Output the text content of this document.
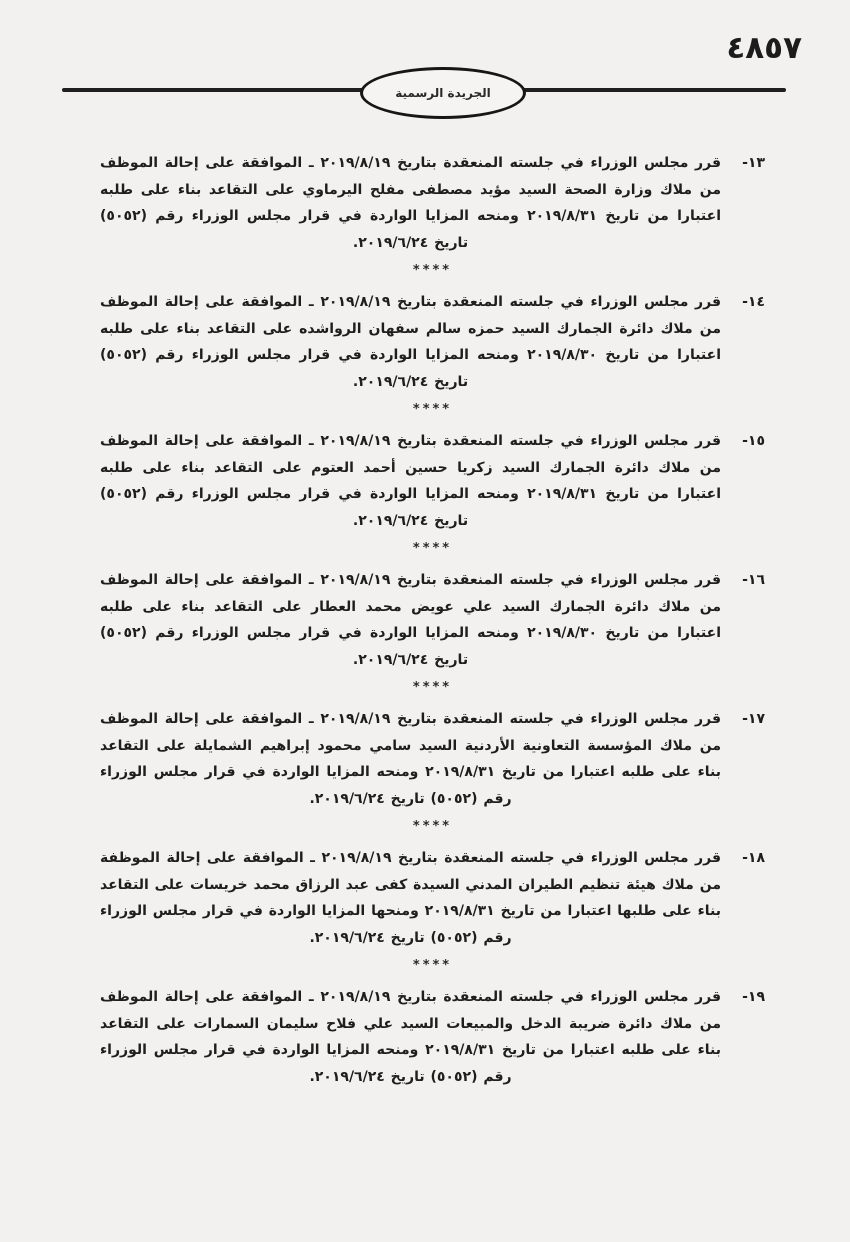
٤٨٥٧
الجريدة الرسمية
١٣-
قرر مجلس الوزراء في جلسته المنعقدة بتاريخ ٢٠١٩/٨/١٩ ـ الموافقة على إحالة الموظف من ملاك وزارة الصحة السيد مؤيد مصطفى مفلح اليرماوي على التقاعد بناء على طلبه اعتبارا من تاريخ ٢٠١٩/٨/٣١ ومنحه المزايا الواردة في قرار مجلس الوزراء رقم (٥٠٥٢) تاريخ ٢٠١٩/٦/٢٤.
****
١٤-
قرر مجلس الوزراء في جلسته المنعقدة بتاريخ ٢٠١٩/٨/١٩ ـ الموافقة على إحالة الموظف من ملاك دائرة الجمارك السيد حمزه سالم سفهان الرواشده على التقاعد بناء على طلبه اعتبارا من تاريخ ٢٠١٩/٨/٣٠ ومنحه المزايا الواردة في قرار مجلس الوزراء رقم (٥٠٥٢) تاريخ ٢٠١٩/٦/٢٤.
****
١٥-
قرر مجلس الوزراء في جلسته المنعقدة بتاريخ ٢٠١٩/٨/١٩ ـ الموافقة على إحالة الموظف من ملاك دائرة الجمارك السيد زكريا حسين أحمد العتوم على التقاعد بناء على طلبه اعتبارا من تاريخ ٢٠١٩/٨/٣١ ومنحه المزايا الواردة في قرار مجلس الوزراء رقم (٥٠٥٢) تاريخ ٢٠١٩/٦/٢٤.
****
١٦-
قرر مجلس الوزراء في جلسته المنعقدة بتاريخ ٢٠١٩/٨/١٩ ـ الموافقة على إحالة الموظف من ملاك دائرة الجمارك السيد علي عويض محمد العطار على التقاعد بناء على طلبه اعتبارا من تاريخ ٢٠١٩/٨/٣٠ ومنحه المزايا الواردة في قرار مجلس الوزراء رقم (٥٠٥٢) تاريخ ٢٠١٩/٦/٢٤.
****
١٧-
قرر مجلس الوزراء في جلسته المنعقدة بتاريخ ٢٠١٩/٨/١٩ ـ الموافقة على إحالة الموظف من ملاك المؤسسة التعاونية الأردنية السيد سامي محمود إبراهيم الشمايلة على التقاعد بناء على طلبه اعتبارا من تاريخ ٢٠١٩/٨/٣١ ومنحه المزايا الواردة في قرار مجلس الوزراء رقم (٥٠٥٢) تاريخ ٢٠١٩/٦/٢٤.
****
١٨-
قرر مجلس الوزراء في جلسته المنعقدة بتاريخ ٢٠١٩/٨/١٩ ـ الموافقة على إحالة الموظفة من ملاك هيئة تنظيم الطيران المدني السيدة كفى عبد الرزاق محمد خريسات على التقاعد بناء على طلبها اعتبارا من تاريخ ٢٠١٩/٨/٣١ ومنحها المزايا الواردة في قرار مجلس الوزراء رقم (٥٠٥٢) تاريخ ٢٠١٩/٦/٢٤.
****
١٩-
قرر مجلس الوزراء في جلسته المنعقدة بتاريخ ٢٠١٩/٨/١٩ ـ الموافقة على إحالة الموظف من ملاك دائرة ضريبة الدخل والمبيعات السيد علي فلاح سليمان السمارات على التقاعد بناء على طلبه اعتبارا من تاريخ ٢٠١٩/٨/٣١ ومنحه المزايا الواردة في قرار مجلس الوزراء رقم (٥٠٥٢) تاريخ ٢٠١٩/٦/٢٤.
